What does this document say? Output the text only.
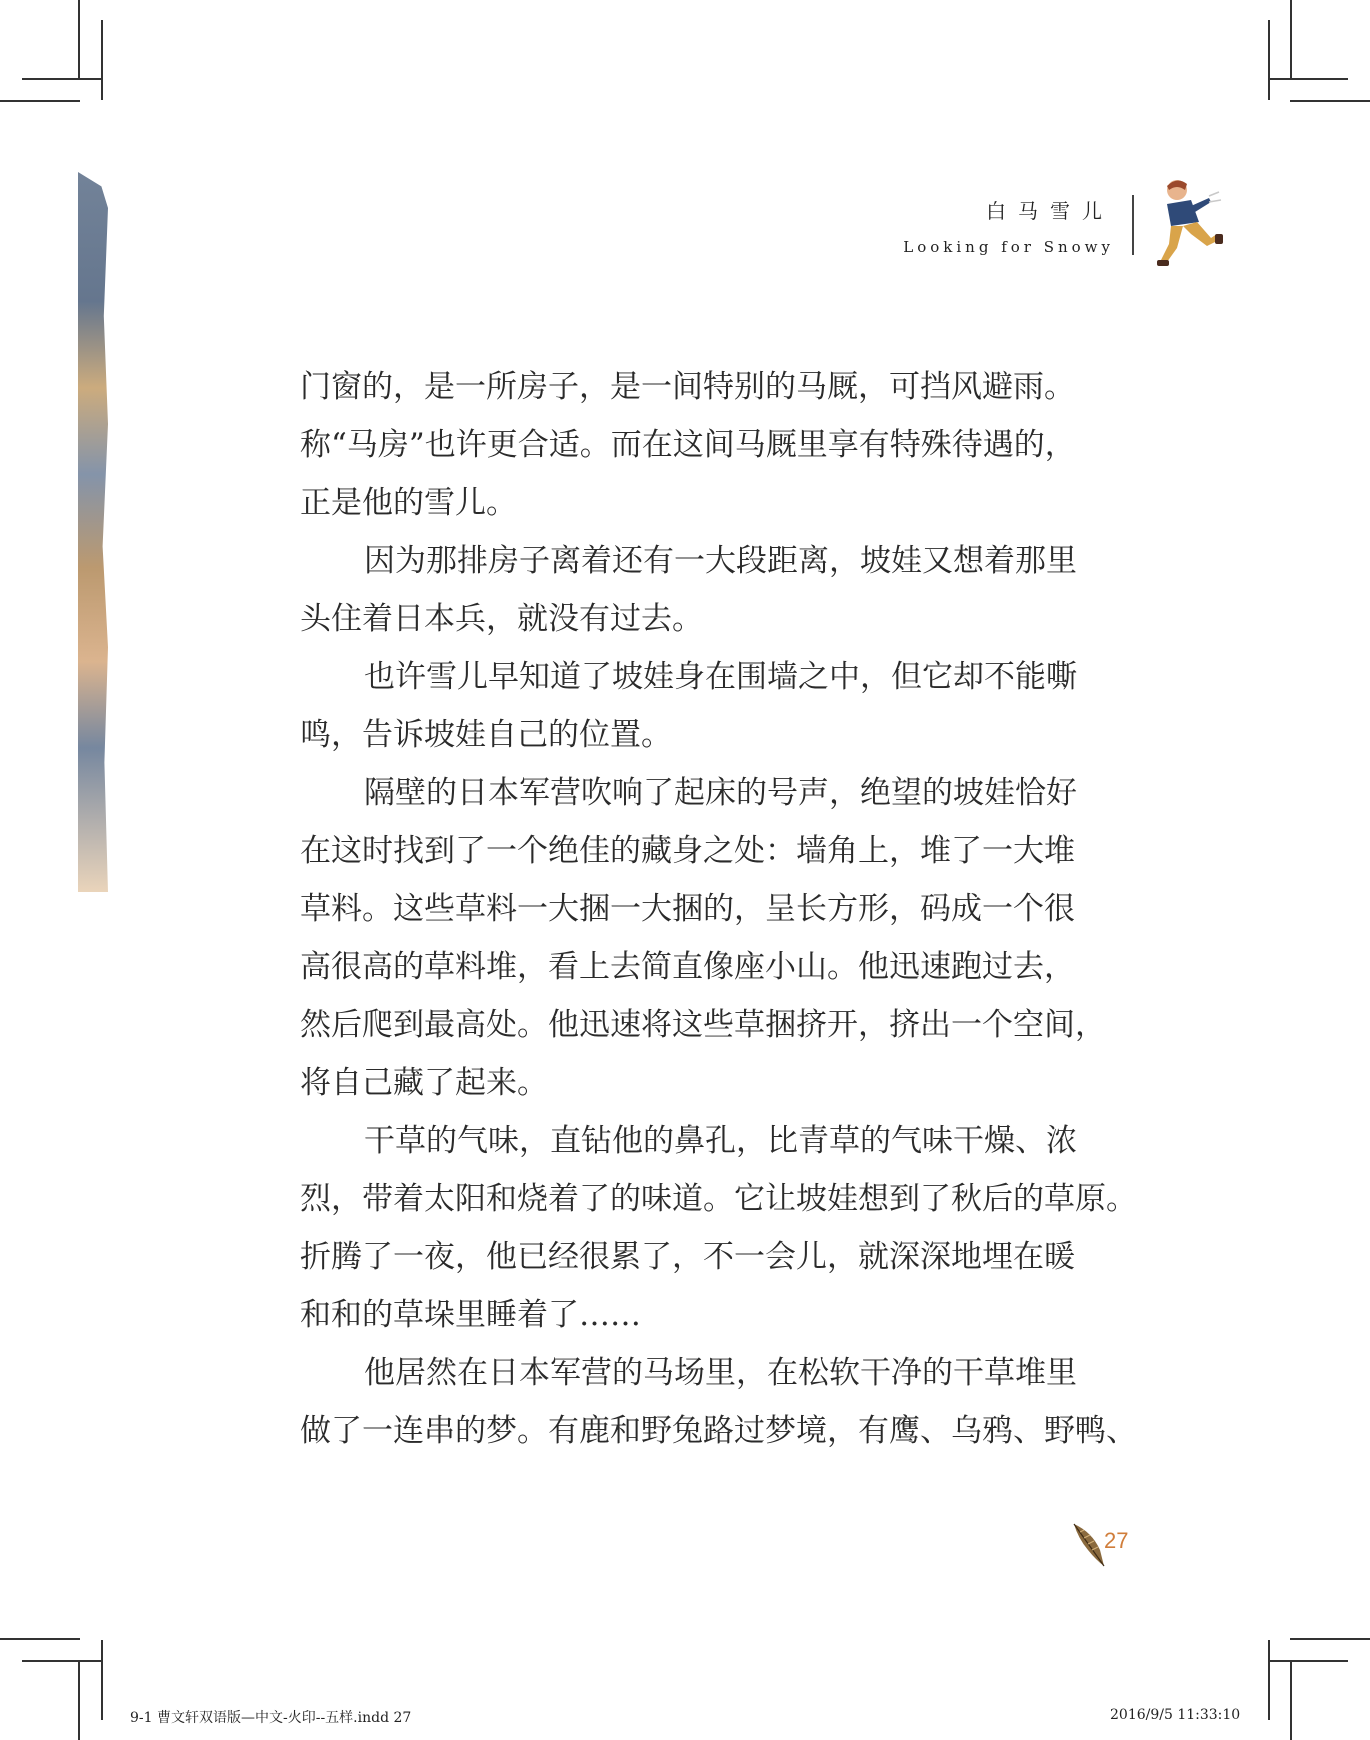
白马雪儿
Looking for Snowy
门窗的，是一所房子，是一间特别的马厩，可挡风避雨。
称“马房”也许更合适。而在这间马厩里享有特殊待遇的，
正是他的雪儿。
因为那排房子离着还有一大段距离，坡娃又想着那里
头住着日本兵，就没有过去。
也许雪儿早知道了坡娃身在围墙之中，但它却不能嘶
鸣，告诉坡娃自己的位置。
隔壁的日本军营吹响了起床的号声，绝望的坡娃恰好
在这时找到了一个绝佳的藏身之处：墙角上，堆了一大堆
草料。这些草料一大捆一大捆的，呈长方形，码成一个很
高很高的草料堆，看上去简直像座小山。他迅速跑过去，
然后爬到最高处。他迅速将这些草捆挤开，挤出一个空间，
将自己藏了起来。
干草的气味，直钻他的鼻孔，比青草的气味干燥、浓
烈，带着太阳和烧着了的味道。它让坡娃想到了秋后的草原。
折腾了一夜，他已经很累了，不一会儿，就深深地埋在暖
和和的草垛里睡着了……
他居然在日本军营的马场里，在松软干净的干草堆里
做了一连串的梦。有鹿和野兔路过梦境，有鹰、乌鸦、野鸭、
27
9-1 曹文轩双语版—中文-火印--五样.indd 27	2016/9/5 11:33:10
